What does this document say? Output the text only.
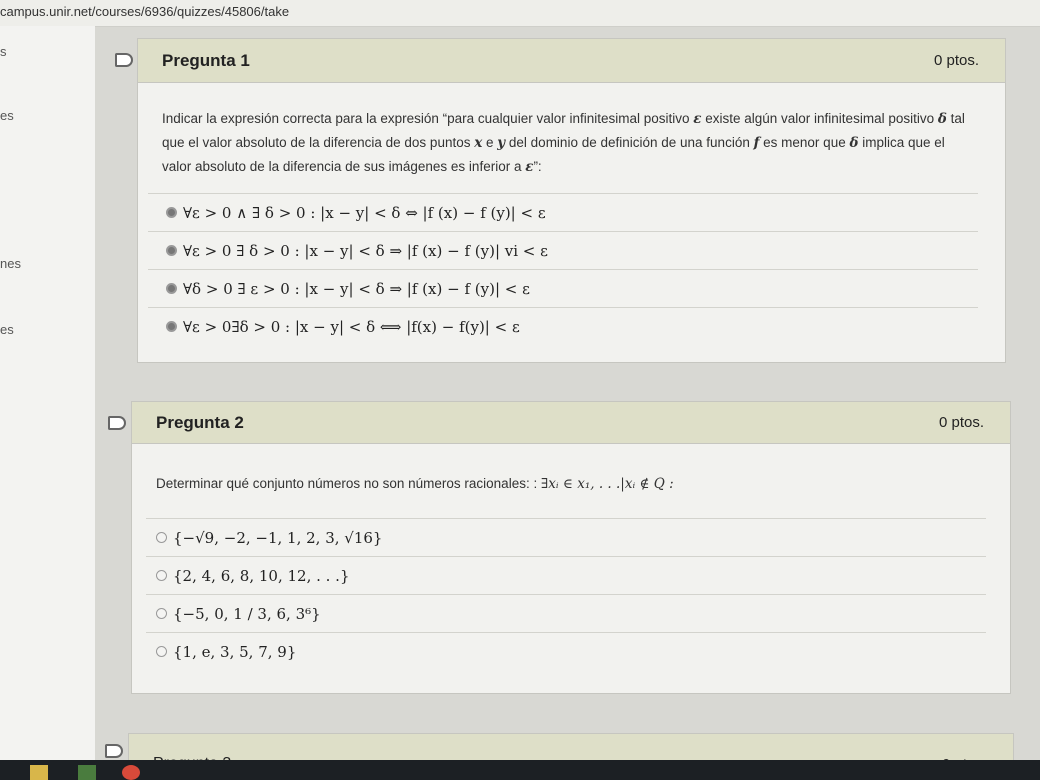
campus.unir.net/courses/6936/quizzes/45806/take
s
es
nes
es
Pregunta 1	0 ptos.
Indicar la expresión correcta para la expresión “para cualquier valor infinitesimal positivo ε existe algún valor infinitesimal positivo δ tal que el valor absoluto de la diferencia de dos puntos x e y del dominio de definición de una función f es menor que δ implica que el valor absoluto de la diferencia de sus imágenes es inferior a ε”:
∀ε > 0 ∧ ∃ δ > 0 : |x − y| < δ ⇔ |f (x) − f (y)| < ε
∀ε > 0 ∃ δ > 0 : |x − y| < δ ⇒ |f (x) − f (y)| vi < ε
∀δ > 0 ∃ ε > 0 : |x − y| < δ ⇒ |f (x) − f (y)| < ε
∀ε > 0∃δ > 0 : |x − y| < δ ⟺ |f(x) − f(y)| < ε
Pregunta 2	0 ptos.
Determinar qué conjunto números no son números racionales: : ∃xᵢ ∈ x₁, . . .|xᵢ ∉ Q :
{−√9, −2, −1, 1, 2, 3, √16}
{2, 4, 6, 8, 10, 12, . . .}
{−5, 0, 1 / 3, 6, 3⁶}
{1, e, 3, 5, 7, 9}
